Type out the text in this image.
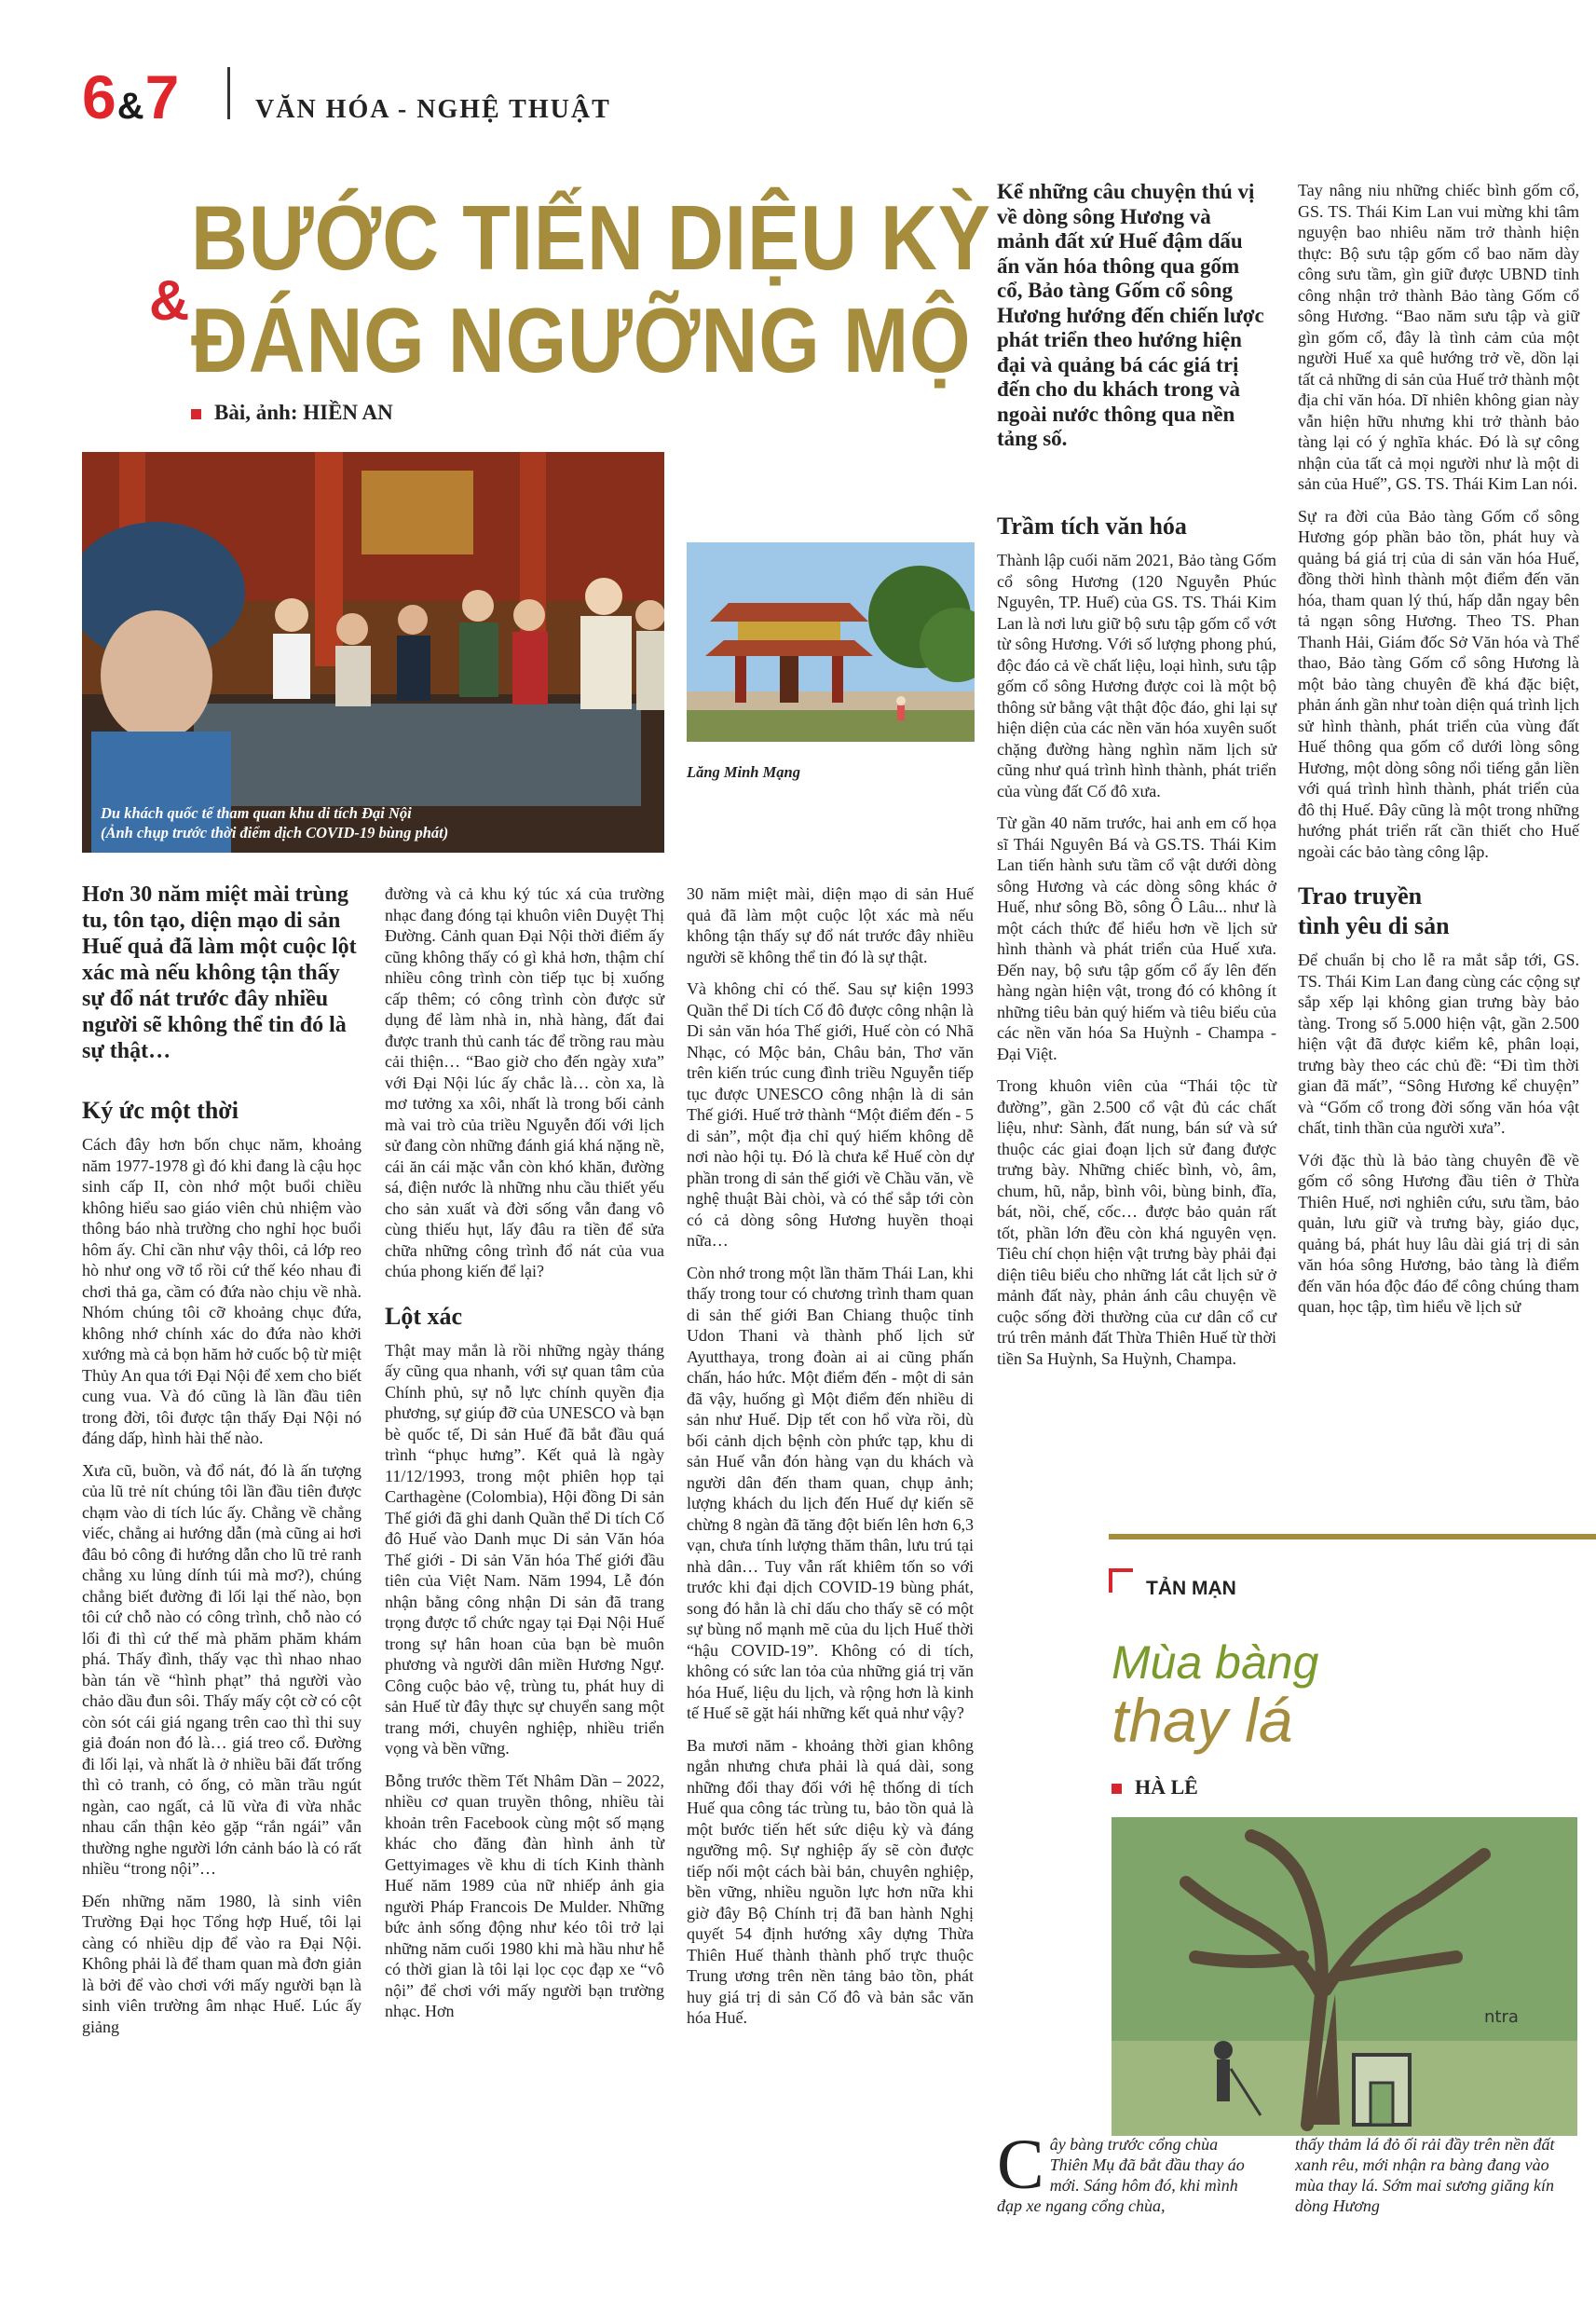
6&7	VĂN HÓA - NGHỆ THUẬT
BƯỚC TIẾN DIỆU KỲ
ĐÁNG NGƯỠNG MỘ
&
Bài, ảnh: HIỀN AN
Kể những câu chuyện thú vị về dòng sông Hương và mảnh đất xứ Huế đậm dấu ấn văn hóa thông qua gốm cổ, Bảo tàng Gốm cổ sông Hương hướng đến chiến lược phát triển theo hướng hiện đại và quảng bá các giá trị đến cho du khách trong và ngoài nước thông qua nền tảng số.
Du khách quốc tế tham quan khu di tích Đại Nội
(Ảnh chụp trước thời điểm dịch COVID-19 bùng phát)
Lăng Minh Mạng
Hơn 30 năm miệt mài trùng tu, tôn tạo, diện mạo di sản Huế quả đã làm một cuộc lột xác mà nếu không tận thấy sự đổ nát trước đây nhiều người sẽ không thể tin đó là sự thật…
Ký ức một thời

Cách đây hơn bốn chục năm, khoảng năm 1977-1978 gì đó khi đang là cậu học sinh cấp II, còn nhớ một buổi chiều không hiểu sao giáo viên chủ nhiệm vào thông báo nhà trường cho nghỉ học buổi hôm ấy. Chỉ cần như vậy thôi, cả lớp reo hò như ong vỡ tổ rồi cứ thế kéo nhau đi chơi thả ga, cầm có đứa nào chịu về nhà. Nhóm chúng tôi cỡ khoảng chục đứa, không nhớ chính xác do đứa nào khởi xướng mà cả bọn hăm hở cuốc bộ từ miệt Thủy An qua tới Đại Nội để xem cho biết cung vua. Và đó cũng là lần đầu tiên trong đời, tôi được tận thấy Đại Nội nó đáng dấp, hình hài thế nào.

Xưa cũ, buồn, và đổ nát, đó là ấn tượng của lũ trẻ nít chúng tôi lần đầu tiên được chạm vào di tích lúc ấy. Chẳng về chẳng viếc, chẳng ai hướng dẫn (mà cũng ai hơi đâu bỏ công đi hướng dẫn cho lũ trẻ ranh chẳng xu lủng dính túi mà mơ?), chúng chẳng biết đường đi lối lại thế nào, bọn tôi cứ chỗ nào có công trình, chỗ nào có lối đi thì cứ thế mà phăm phăm khám phá. Thấy đình, thấy vạc thì nhao nhao bàn tán về “hình phạt” thả người vào chảo dầu đun sôi. Thấy mấy cột cờ có cột còn sót cái giá ngang trên cao thì thi suy giả đoán non đó là… giá treo cổ. Đường đi lối lại, và nhất là ở nhiều bãi đất trống thì cỏ tranh, cỏ ống, cỏ mần trầu ngút ngàn, cao ngất, cả lũ vừa đi vừa nhắc nhau cẩn thận kẻo gặp “rắn ngái” vẫn thường nghe người lớn cảnh báo là có rất nhiều “trong nội”…

Đến những năm 1980, là sinh viên Trường Đại học Tổng hợp Huế, tôi lại càng có nhiều dịp để vào ra Đại Nội. Không phải là để tham quan mà đơn giản là bởi để vào chơi với mấy người bạn là sinh viên trường âm nhạc Huế. Lúc ấy giảng

đường và cả khu ký túc xá của trường nhạc đang đóng tại khuôn viên Duyệt Thị Đường. Cảnh quan Đại Nội thời điểm ấy cũng không thấy có gì khả hơn, thậm chí nhiều công trình còn tiếp tục bị xuống cấp thêm; có công trình còn được sử dụng để làm nhà in, nhà hàng, đất đai được tranh thủ canh tác để trồng rau màu cải thiện… “Bao giờ cho đến ngày xưa” với Đại Nội lúc ấy chắc là… còn xa, là mơ tưởng xa xôi, nhất là trong bối cảnh mà vai trò của triều Nguyễn đối với lịch sử đang còn những đánh giá khá nặng nề, cái ăn cái mặc vẫn còn khó khăn, đường sá, điện nước là những nhu cầu thiết yếu cho sản xuất và đời sống vẫn đang vô cùng thiếu hụt, lấy đâu ra tiền để sửa chữa những công trình đổ nát của vua chúa phong kiến để lại?

Lột xác

Thật may mắn là rồi những ngày tháng ấy cũng qua nhanh, với sự quan tâm của Chính phủ, sự nỗ lực chính quyền địa phương, sự giúp đỡ của UNESCO và bạn bè quốc tế, Di sản Huế đã bắt đầu quá trình “phục hưng”. Kết quả là ngày 11/12/1993, trong một phiên họp tại Carthagène (Colombia), Hội đồng Di sản Thế giới đã ghi danh Quần thể Di tích Cố đô Huế vào Danh mục Di sản Văn hóa Thế giới - Di sản Văn hóa Thế giới đầu tiên của Việt Nam. Năm 1994, Lễ đón nhận bằng công nhận Di sản đã trang trọng được tổ chức ngay tại Đại Nội Huế trong sự hân hoan của bạn bè muôn phương và người dân miền Hương Ngự. Công cuộc bảo vệ, trùng tu, phát huy di sản Huế từ đây thực sự chuyển sang một trang mới, chuyên nghiệp, nhiều triển vọng và bền vững.

Bỗng trước thềm Tết Nhâm Dần – 2022, nhiều cơ quan truyền thông, nhiều tài khoản trên Facebook cùng một số mạng khác cho đăng đàn hình ảnh từ Gettyimages về khu di tích Kinh thành Huế năm 1989 của nữ nhiếp ảnh gia người Pháp Francois De Mulder. Những bức ảnh sống động như kéo tôi trở lại những năm cuối 1980 khi mà hầu như hễ có thời gian là tôi lại lọc cọc đạp xe “vô nội” để chơi với mấy người bạn trường nhạc. Hơn

30 năm miệt mài, diện mạo di sản Huế quả đã làm một cuộc lột xác mà nếu không tận thấy sự đổ nát trước đây nhiều người sẽ không thể tin đó là sự thật.

Và không chỉ có thế. Sau sự kiện 1993 Quần thể Di tích Cố đô được công nhận là Di sản văn hóa Thế giới, Huế còn có Nhã Nhạc, có Mộc bản, Châu bản, Thơ văn trên kiến trúc cung đình triều Nguyễn tiếp tục được UNESCO công nhận là di sản Thế giới. Huế trở thành “Một điểm đến - 5 di sản”, một địa chỉ quý hiếm không dễ nơi nào hội tụ. Đó là chưa kể Huế còn dự phần trong di sản thế giới về Chầu văn, về nghệ thuật Bài chòi, và có thể sắp tới còn có cả dòng sông Hương huyền thoại nữa…

Còn nhớ trong một lần thăm Thái Lan, khi thấy trong tour có chương trình tham quan di sản thế giới Ban Chiang thuộc tỉnh Udon Thani và thành phố lịch sử Ayutthaya, trong đoàn ai ai cũng phấn chấn, háo hức. Một điểm đến - một di sản đã vậy, huống gì Một điểm đến nhiều di sản như Huế. Dịp tết con hổ vừa rồi, dù bối cảnh dịch bệnh còn phức tạp, khu di sản Huế vẫn đón hàng vạn du khách và người dân đến tham quan, chụp ảnh; lượng khách du lịch đến Huế dự kiến sẽ chừng 8 ngàn đã tăng đột biến lên hơn 6,3 vạn, chưa tính lượng thăm thân, lưu trú tại nhà dân… Tuy vẫn rất khiêm tốn so với trước khi đại dịch COVID-19 bùng phát, song đó hẳn là chỉ dấu cho thấy sẽ có một sự bùng nổ mạnh mẽ của du lịch Huế thời “hậu COVID-19”. Không có di tích, không có sức lan tỏa của những giá trị văn hóa Huế, liệu du lịch, và rộng hơn là kinh tế Huế sẽ gặt hái những kết quả như vậy?

Ba mươi năm - khoảng thời gian không ngắn nhưng chưa phải là quá dài, song những đổi thay đối với hệ thống di tích Huế qua công tác trùng tu, bảo tồn quả là một bước tiến hết sức diệu kỳ và đáng ngưỡng mộ. Sự nghiệp ấy sẽ còn được tiếp nối một cách bài bản, chuyên nghiệp, bền vững, nhiều nguồn lực hơn nữa khi giờ đây Bộ Chính trị đã ban hành Nghị quyết 54 định hướng xây dựng Thừa Thiên Huế thành thành phố trực thuộc Trung ương trên nền tảng bảo tồn, phát huy giá trị di sản Cố đô và bản sắc văn hóa Huế.

Trầm tích văn hóa

Thành lập cuối năm 2021, Bảo tàng Gốm cổ sông Hương (120 Nguyễn Phúc Nguyên, TP. Huế) của GS. TS. Thái Kim Lan là nơi lưu giữ bộ sưu tập gốm cổ vớt từ sông Hương. Với số lượng phong phú, độc đáo cả về chất liệu, loại hình, sưu tập gốm cổ sông Hương được coi là một bộ thông sử bằng vật thật độc đáo, ghi lại sự hiện diện của các nền văn hóa xuyên suốt chặng đường hàng nghìn năm lịch sử cũng như quá trình hình thành, phát triển của vùng đất Cố đô xưa.

Từ gần 40 năm trước, hai anh em cố họa sĩ Thái Nguyên Bá và GS.TS. Thái Kim Lan tiến hành sưu tầm cổ vật dưới dòng sông Hương và các dòng sông khác ở Huế, như sông Bồ, sông Ô Lâu... như là một cách thức để hiểu hơn về lịch sử hình thành và phát triển của Huế xưa. Đến nay, bộ sưu tập gốm cổ ấy lên đến hàng ngàn hiện vật, trong đó có không ít những tiêu bản quý hiếm và tiêu biểu của các nền văn hóa Sa Huỳnh - Champa - Đại Việt.

Trong khuôn viên của “Thái tộc từ đường”, gần 2.500 cổ vật đủ các chất liệu, như: Sành, đất nung, bán sứ và sứ thuộc các giai đoạn lịch sử đang được trưng bày. Những chiếc bình, vò, âm, chum, hũ, nắp, bình vôi, bùng binh, đĩa, bát, nồi, chế, cốc… được bảo quản rất tốt, phần lớn đều còn khá nguyên vẹn. Tiêu chí chọn hiện vật trưng bày phải đại diện tiêu biểu cho những lát cắt lịch sử ở mảnh đất này, phản ánh câu chuyện về cuộc sống đời thường của cư dân cổ cư trú trên mảnh đất Thừa Thiên Huế từ thời tiền Sa Huỳnh, Sa Huỳnh, Champa.

Tay nâng niu những chiếc bình gốm cổ, GS. TS. Thái Kim Lan vui mừng khi tâm nguyện bao nhiêu năm trở thành hiện thực: Bộ sưu tập gốm cổ bao năm dày công sưu tầm, gìn giữ được UBND tỉnh công nhận trở thành Bảo tàng Gốm cổ sông Hương. “Bao năm sưu tập và giữ gìn gốm cổ, đây là tình cảm của một người Huế xa quê hướng trở về, dồn lại tất cả những di sản của Huế trở thành một địa chỉ văn hóa. Dĩ nhiên không gian này vẫn hiện hữu nhưng khi trở thành bảo tàng lại có ý nghĩa khác. Đó là sự công nhận của tất cả mọi người như là một di sản của Huế”, GS. TS. Thái Kim Lan nói.

Sự ra đời của Bảo tàng Gốm cổ sông Hương góp phần bảo tồn, phát huy và quảng bá giá trị của di sản văn hóa Huế, đồng thời hình thành một điểm đến văn hóa, tham quan lý thú, hấp dẫn ngay bên tả ngạn sông Hương. Theo TS. Phan Thanh Hải, Giám đốc Sở Văn hóa và Thể thao, Bảo tàng Gốm cổ sông Hương là một bảo tàng chuyên đề khá đặc biệt, phản ánh gần như toàn diện quá trình lịch sử hình thành, phát triển của vùng đất Huế thông qua gốm cổ dưới lòng sông Hương, một dòng sông nổi tiếng gắn liền với quá trình hình thành, phát triển của đô thị Huế. Đây cũng là một trong những hướng phát triển rất cần thiết cho Huế ngoài các bảo tàng công lập.

Trao truyền
tình yêu di sản

Để chuẩn bị cho lễ ra mắt sắp tới, GS. TS. Thái Kim Lan đang cùng các cộng sự sắp xếp lại không gian trưng bày bảo tàng. Trong số 5.000 hiện vật, gần 2.500 hiện vật đã được kiểm kê, phân loại, trưng bày theo các chủ đề: “Đi tìm thời gian đã mất”, “Sông Hương kể chuyện” và “Gốm cổ trong đời sống văn hóa vật chất, tinh thần của người xưa”.

Với đặc thù là bảo tàng chuyên đề về gốm cổ sông Hương đầu tiên ở Thừa Thiên Huế, nơi nghiên cứu, sưu tầm, bảo quản, lưu giữ và trưng bày, giáo dục, quảng bá, phát huy lâu dài giá trị di sản văn hóa sông Hương, bảo tàng là điểm đến văn hóa độc đáo để công chúng tham quan, học tập, tìm hiểu về lịch sử

TẢN MẠN
Mùa bàng
thay lá
HÀ LÊ
ntra
Cây bàng trước cổng chùa Thiên Mụ đã bắt đầu thay áo mới. Sáng hôm đó, khi mình đạp xe ngang cổng chùa,
thấy thảm lá đỏ ối rải đầy trên nền đất xanh rêu, mới nhận ra bàng đang vào mùa thay lá. Sớm mai sương giăng kín dòng Hương
